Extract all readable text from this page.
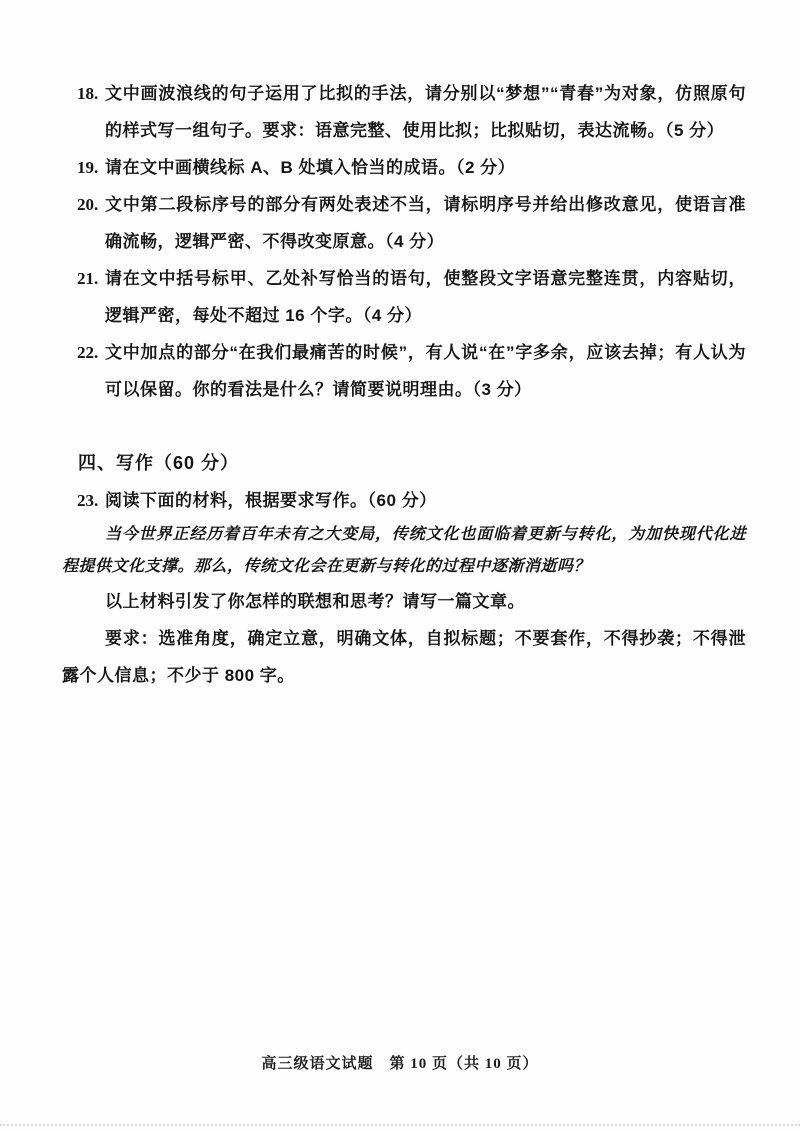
18. 文中画波浪线的句子运用了比拟的手法，请分别以“梦想”“青春”为对象，仿照原句的样式写一组句子。要求：语意完整、使用比拟；比拟贴切，表达流畅。（5 分）
19. 请在文中画横线标 A、B 处填入恰当的成语。（2 分）
20. 文中第二段标序号的部分有两处表述不当，请标明序号并给出修改意见，使语言准确流畅，逻辑严密、不得改变原意。（4 分）
21. 请在文中括号标甲、乙处补写恰当的语句，使整段文字语意完整连贯，内容贴切，逻辑严密，每处不超过 16 个字。（4 分）
22. 文中加点的部分“在我们最痛苦的时候”，有人说“在”字多余，应该去掉；有人认为可以保留。你的看法是什么？请简要说明理由。（3 分）
四、写作（60 分）
23. 阅读下面的材料，根据要求写作。（60 分）

当今世界正经历着百年未有之大变局，传统文化也面临着更新与转化，为加快现代化进程提供文化支撑。那么，传统文化会在更新与转化的过程中逐渐消逝吗？

以上材料引发了你怎样的联想和思考？请写一篇文章。

要求：选准角度，确定立意，明确文体，自拟标题；不要套作，不得抄袭；不得泄露个人信息；不少于 800 字。

高三级语文试题　第 10 页（共 10 页）
